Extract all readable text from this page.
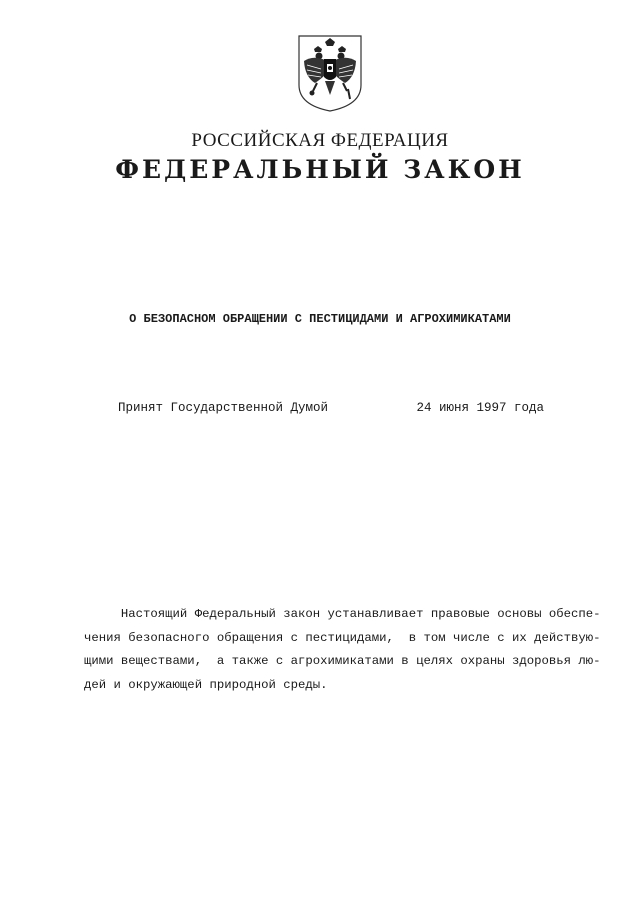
РОССИЙСКАЯ ФЕДЕРАЦИЯ
ФЕДЕРАЛЬНЫЙ ЗАКОН
О БЕЗОПАСНОМ ОБРАЩЕНИИ С ПЕСТИЦИДАМИ И АГРОХИМИКАТАМИ
Принят Государственной Думой	24 июня 1997 года
Настоящий Федеральный закон устанавливает правовые основы обеспе-
чения безопасного обращения с пестицидами,  в том числе с их действую-
щими веществами,  а также с агрохимикатами в целях охраны здоровья лю-
дей и окружающей природной среды.
